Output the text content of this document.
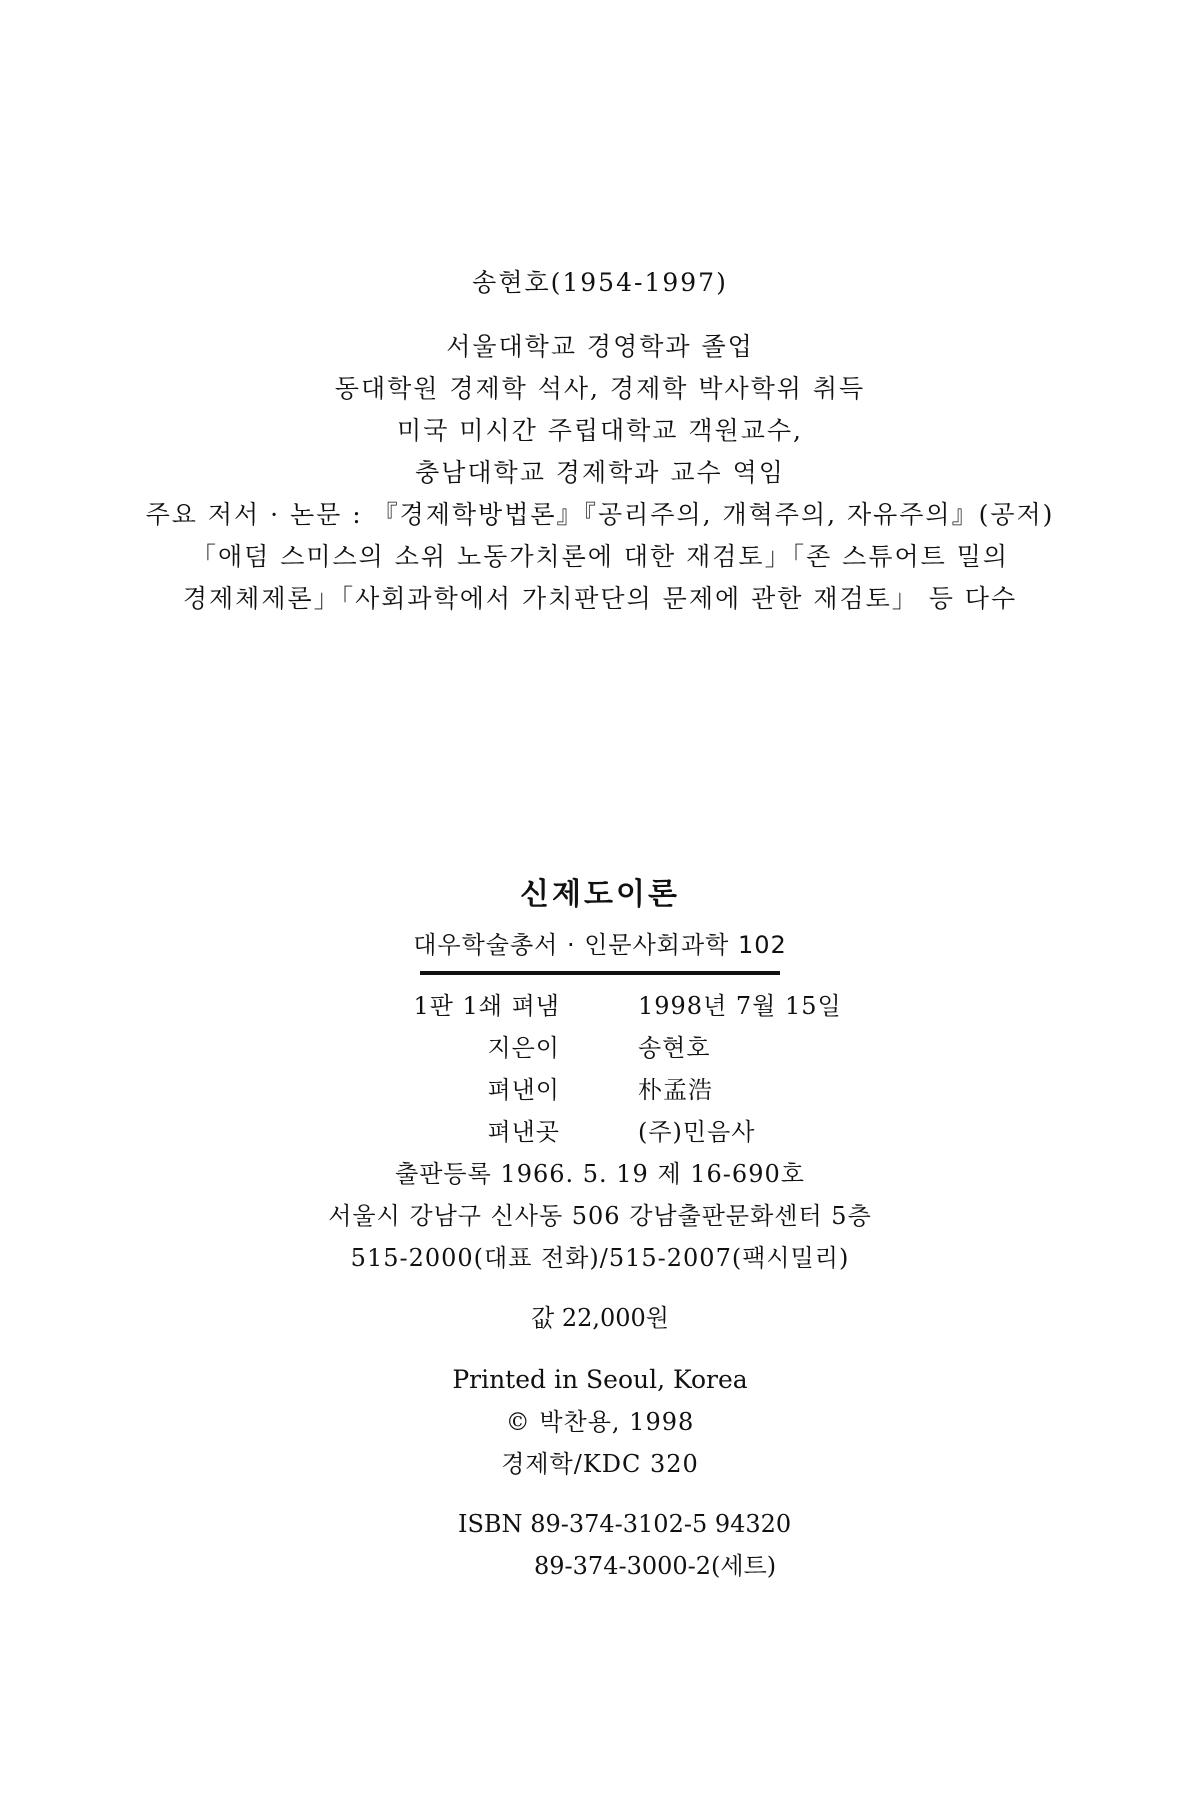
송현호(1954-1997)
서울대학교 경영학과 졸업
동대학원 경제학 석사, 경제학 박사학위 취득
미국 미시간 주립대학교 객원교수,
충남대학교 경제학과 교수 역임
주요 저서 · 논문 : 『경제학방법론』『공리주의, 개혁주의, 자유주의』(공저)
「애덤 스미스의 소위 노동가치론에 대한 재검토」「존 스튜어트 밀의
경제체제론」「사회과학에서 가치판단의 문제에 관한 재검토」 등 다수
신제도이론
대우학술총서 · 인문사회과학 102
1판 1쇄 펴냄	1998년 7월 15일
지은이	송현호
펴낸이	朴孟浩
펴낸곳	(주)민음사
출판등록 1966. 5. 19 제 16-690호
서울시 강남구 신사동 506 강남출판문화센터 5층
515-2000(대표 전화)/515-2007(팩시밀리)
값 22,000원
Printed in Seoul, Korea
© 박찬용, 1998
경제학/KDC 320
ISBN 89-374-3102-5 94320
89-374-3000-2(세트)
